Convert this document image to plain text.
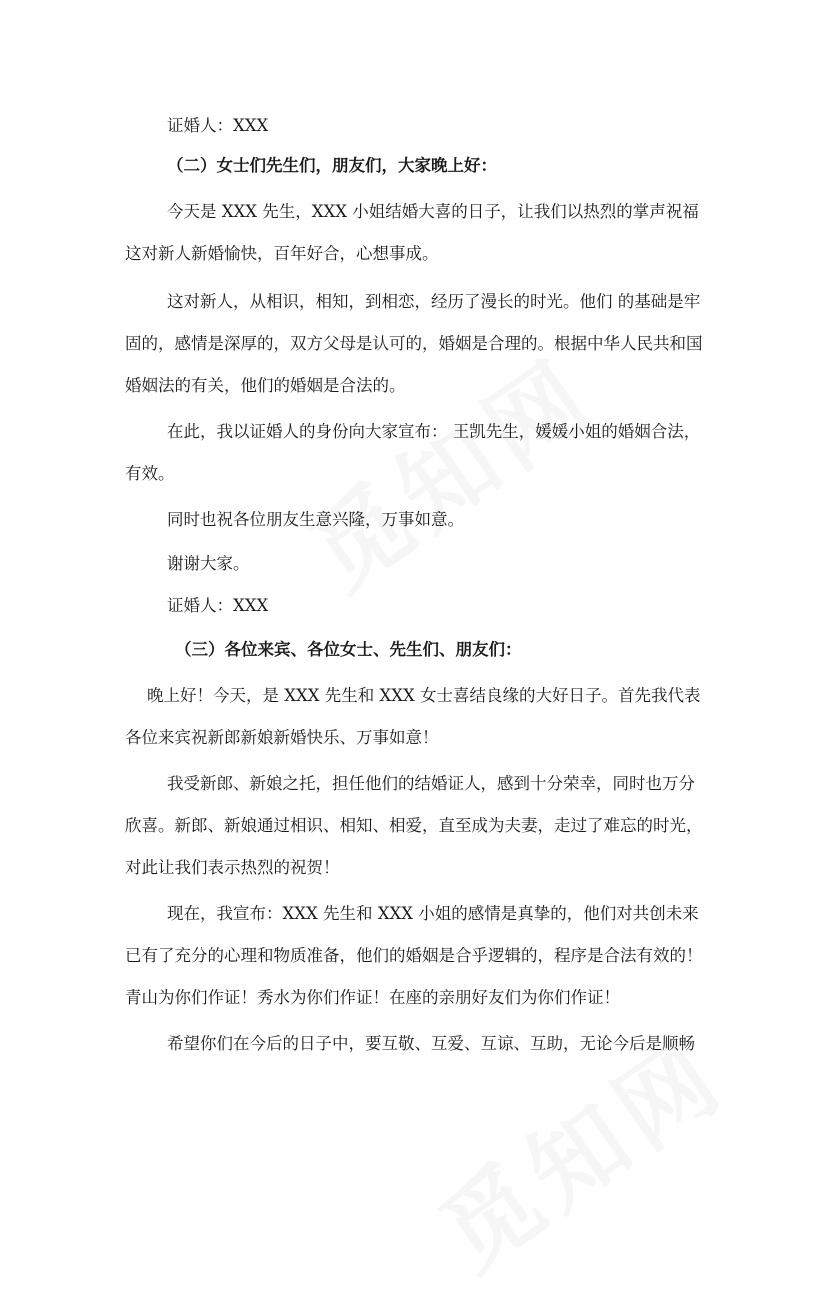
证婚人：XXX
（二）女士们先生们，朋友们，大家晚上好：
今天是 XXX 先生，XXX 小姐结婚大喜的日子，让我们以热烈的掌声祝福
这对新人新婚愉快，百年好合，心想事成。
这对新人，从相识，相知，到相恋，经历了漫长的时光。他们 的基础是牢
固的，感情是深厚的，双方父母是认可的，婚姻是合理的。根据中华人民共和国
婚姻法的有关，他们的婚姻是合法的。
在此，我以证婚人的身份向大家宣布： 王凯先生，媛媛小姐的婚姻合法，
有效。
同时也祝各位朋友生意兴隆，万事如意。
谢谢大家。
证婚人：XXX
（三）各位来宾、各位女士、先生们、朋友们：
晚上好！今天，是 XXX 先生和 XXX 女士喜结良缘的大好日子。首先我代表
各位来宾祝新郎新娘新婚快乐、万事如意！
我受新郎、新娘之托，担任他们的结婚证人，感到十分荣幸，同时也万分
欣喜。新郎、新娘通过相识、相知、相爱，直至成为夫妻，走过了难忘的时光，
对此让我们表示热烈的祝贺！
现在，我宣布：XXX 先生和 XXX 小姐的感情是真挚的，他们对共创未来
已有了充分的心理和物质准备，他们的婚姻是合乎逻辑的，程序是合法有效的！
青山为你们作证！秀水为你们作证！在座的亲朋好友们为你们作证！
希望你们在今后的日子中，要互敬、互爱、互谅、互助，无论今后是顺畅
